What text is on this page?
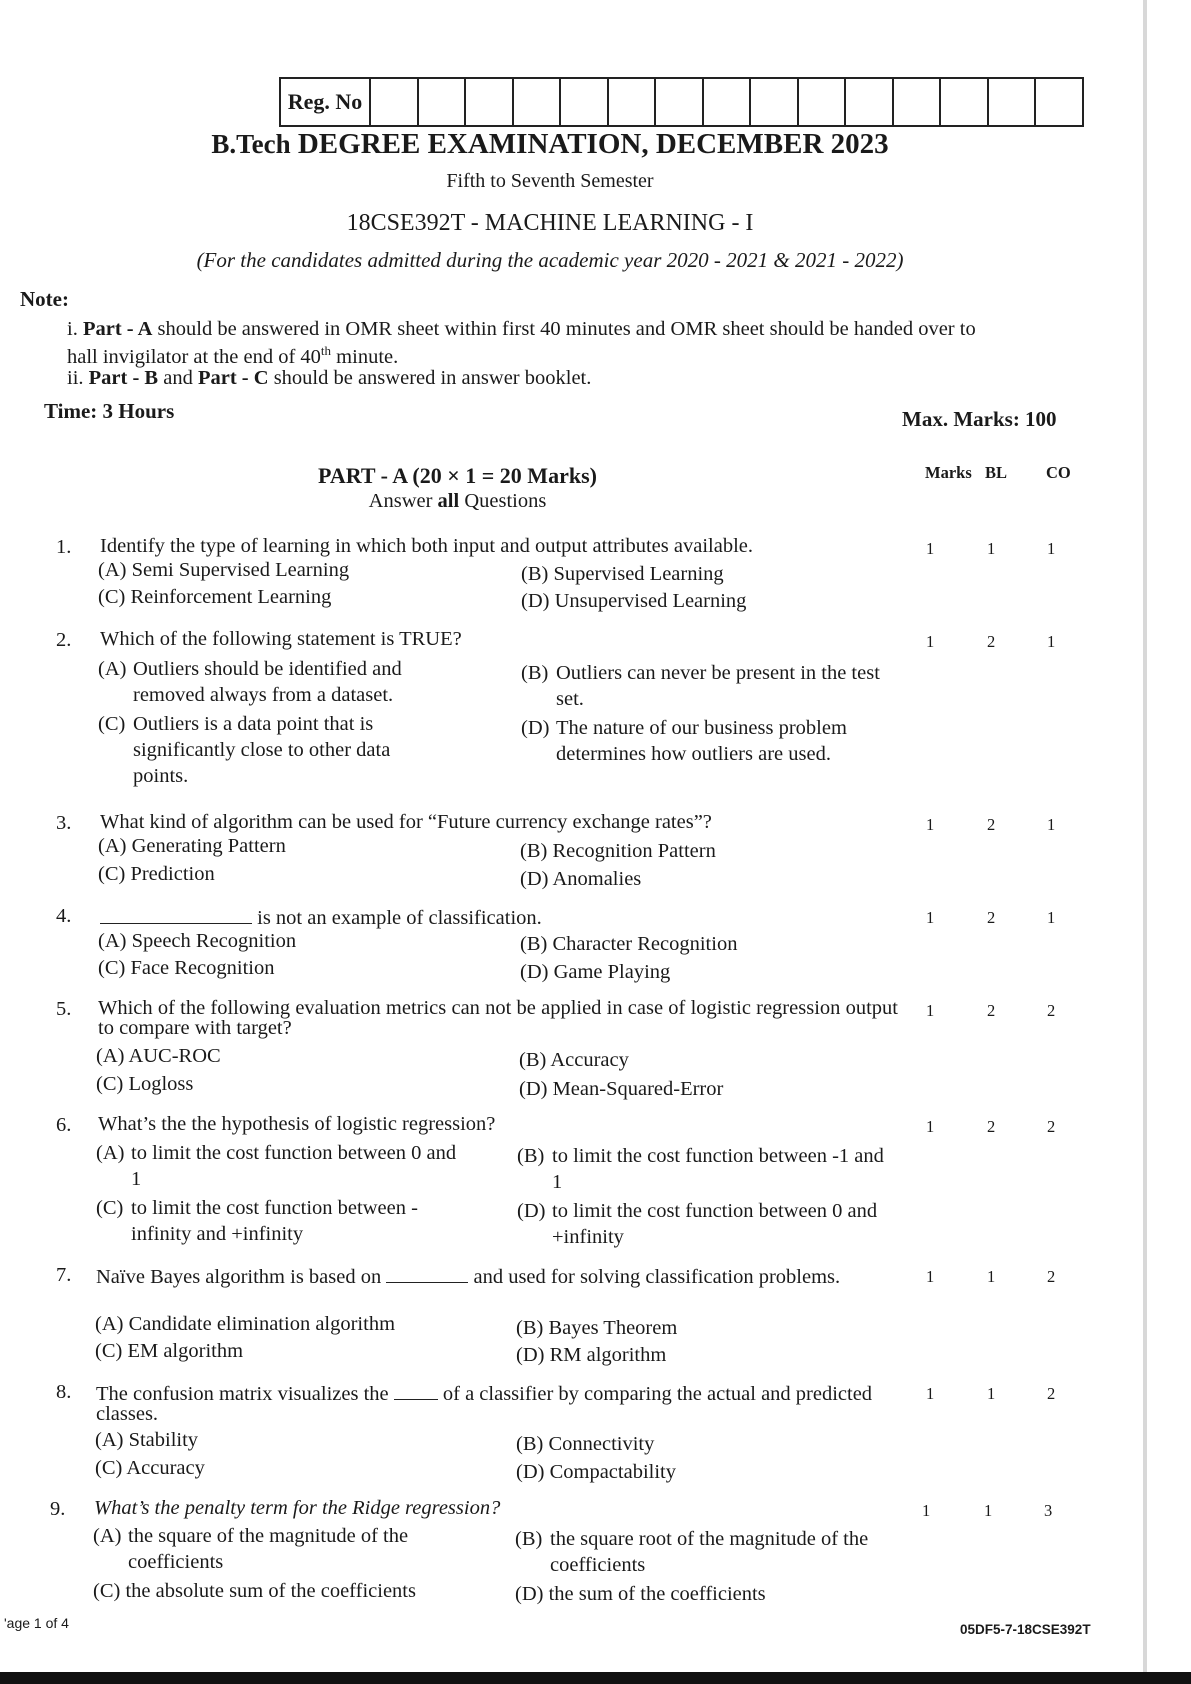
Reg. No
B.Tech DEGREE EXAMINATION, DECEMBER 2023
Fifth to Seventh Semester
18CSE392T - MACHINE LEARNING - I
(For the candidates admitted during the academic year 2020 - 2021 & 2021 - 2022)
Note:
i. Part - A should be answered in OMR sheet within first 40 minutes and OMR sheet should be handed over to
hall invigilator at the end of 40th minute.
ii. Part - B and Part - C should be answered in answer booklet.
Time: 3 Hours	Max. Marks: 100
PART - A (20 × 1 = 20 Marks)
Answer all Questions
Marks BL CO
1. Identify the type of learning in which both input and output attributes available.	1	1	1
(A) Semi Supervised Learning	(B) Supervised Learning
(C) Reinforcement Learning	(D) Unsupervised Learning
2. Which of the following statement is TRUE?	1	2	1
(A) Outliers should be identified and removed always from a dataset.
(B) Outliers can never be present in the test set.
(C) Outliers is a data point that is significantly close to other data points.
(D) The nature of our business problem determines how outliers are used.
3. What kind of algorithm can be used for “Future currency exchange rates”?	1	2	1
(A) Generating Pattern	(B) Recognition Pattern
(C) Prediction	(D) Anomalies
4.	is not an example of classification.	1	2	1
(A) Speech Recognition	(B) Character Recognition
(C) Face Recognition	(D) Game Playing
5. Which of the following evaluation metrics can not be applied in case of logistic regression output to compare with target?
1	2	2
(A) AUC-ROC	(B) Accuracy
(C) Logloss	(D) Mean-Squared-Error
6. What’s the the hypothesis of logistic regression?	1	2	2
(A) to limit the cost function between 0 and 1
(B) to limit the cost function between -1 and 1
(C) to limit the cost function between -infinity and +infinity
(D) to limit the cost function between 0 and +infinity
7. Naïve Bayes algorithm is based on	and used for solving classification problems.	1	1	2
(A) Candidate elimination algorithm	(B) Bayes Theorem
(C) EM algorithm	(D) RM algorithm
8. The confusion matrix visualizes the	of a classifier by comparing the actual and predicted classes.
1	1	2
(A) Stability	(B) Connectivity
(C) Accuracy	(D) Compactability
9. What’s the penalty term for the Ridge regression?	1	1	3
(A) the square of the magnitude of the coefficients
(B) the square root of the magnitude of the coefficients
(C) the absolute sum of the coefficients	(D) the sum of the coefficients
'age 1 of 4	05DF5-7-18CSE392T
